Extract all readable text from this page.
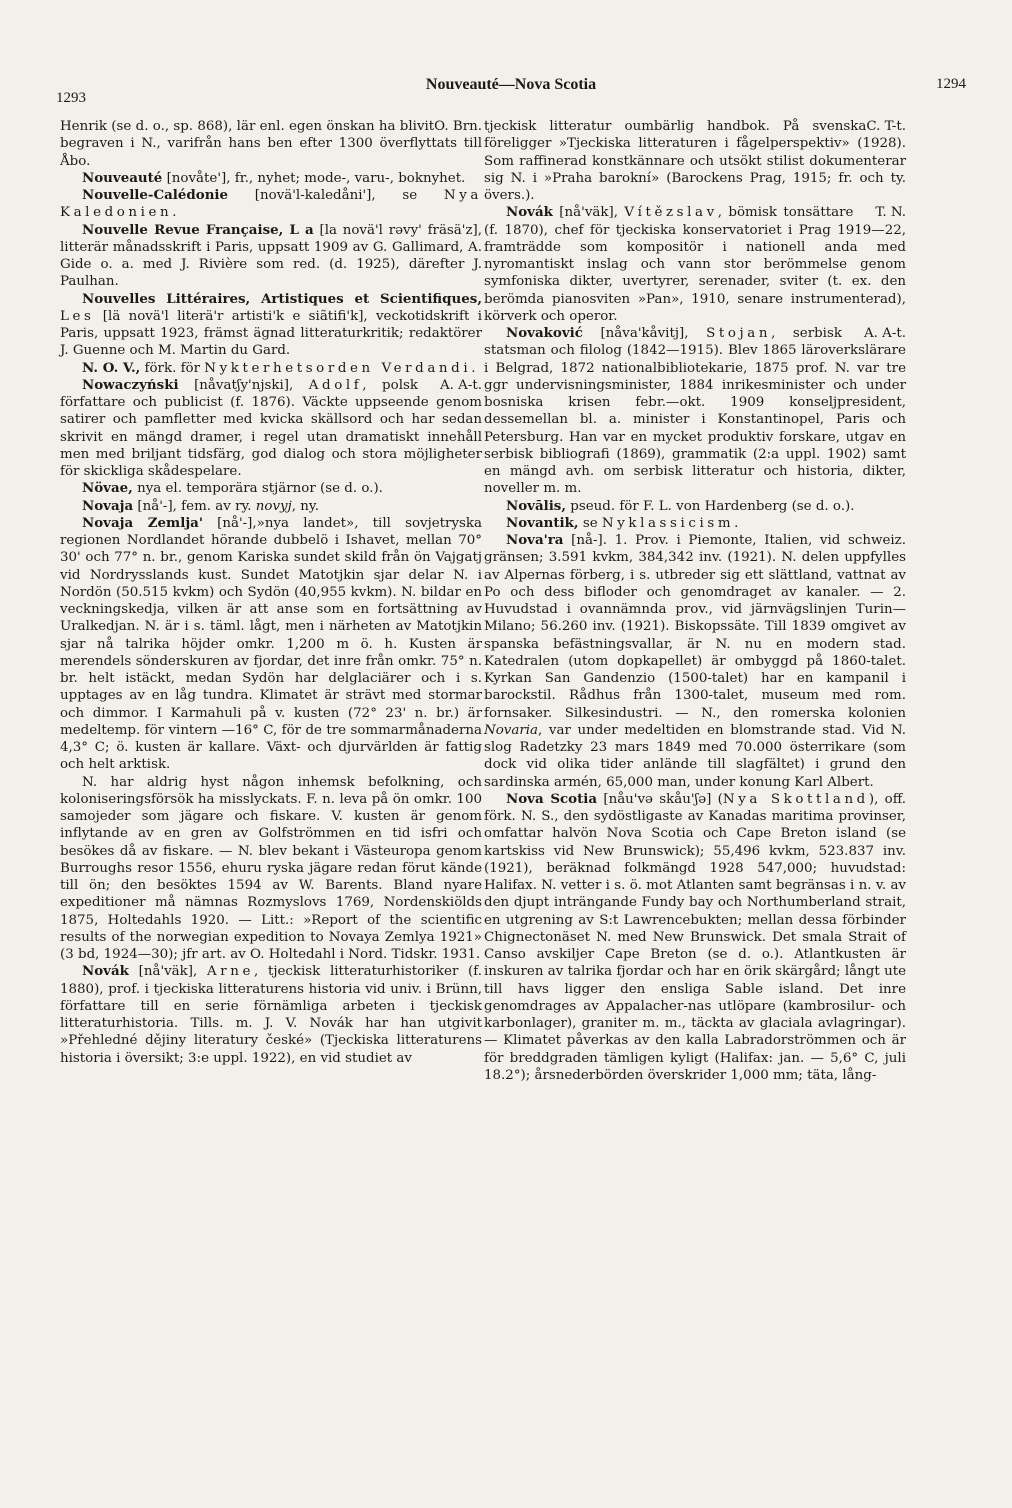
1293
Nouveauté—Nova Scotia	1294

O. Brn.
Henrik (se d. o., sp. 868), lär enl. egen önskan ha blivit begraven i N., varifrån hans ben efter 1300 överflyttats till Åbo.

Nouveauté [novåte'], fr., nyhet; mode-, varu-, boknyhet.

Nouvelle-Calédonie [novä'l-kaledåni'], se Nya Kaledonien.

Nouvelle Revue Française, L a [la novä'l rəvy' fräsä'z], litterär månadsskrift i Paris, uppsatt 1909 av G. Gallimard, A. Gide o. a. med J. Rivière som red. (d. 1925), därefter J. Paulhan.

Nouvelles Littéraires, Artistiques et Scientifiques, Les [lä novä'l literä'r artisti'k e siãtifi'k], veckotidskrift i Paris, uppsatt 1923, främst ägnad litteraturkritik; redaktörer J. Guenne och M. Martin du Gard.

N. O. V., förk. för Nykterhetsorden Verdandi.

A. A-t.
Nowaczyński [nåvatʃy'njski], Adolf, polsk författare och publicist (f. 1876). Väckte uppseende genom satirer och pamfletter med kvicka skällsord och har sedan skrivit en mängd dramer, i regel utan dramatiskt innehåll men med briljant tidsfärg, god dialog och stora möjligheter för skickliga skådespelare.

Növae, nya el. temporära stjärnor (se d. o.).

Novaja [nå'-], fem. av ry. novyj, ny.

Novaja Zemlja' [nå'-],»nya landet», till sovjetryska regionen Nordlandet hörande dubbelö i Ishavet, mellan 70° 30' och 77° n. br., genom Kariska sundet skild från ön Vajgatj vid Nordrysslands kust. Sundet Matotjkin sjar delar N. i Nordön (50.515 kvkm) och Sydön (40,955 kvkm). N. bildar en veckningskedja, vilken är att anse som en fortsättning av Uralkedjan. N. är i s. täml. lågt, men i närheten av Matotjkin sjar nå talrika höjder omkr. 1,200 m ö. h. Kusten är merendels sönderskuren av fjordar, det inre från omkr. 75° n. br. helt istäckt, medan Sydön har delglaciärer och i s. upptages av en låg tundra. Klimatet är strävt med stormar och dimmor. I Karmahuli på v. kusten (72° 23' n. br.) är medeltemp. för vintern —16° C, för de tre sommarmånaderna 4,3° C; ö. kusten är kallare. Växt- och djurvärlden är fattig och helt arktisk.

N. har aldrig hyst någon inhemsk befolkning, och koloniseringsförsök ha misslyckats. F. n. leva på ön omkr. 100 samojeder som jägare och fiskare. V. kusten är genom inflytande av en gren av Golfströmmen en tid isfri och besökes då av fiskare. — N. blev bekant i Västeuropa genom Burroughs resor 1556, ehuru ryska jägare redan förut kände till ön; den besöktes 1594 av W. Barents. Bland nyare expeditioner må nämnas Rozmyslovs 1769, Nordenskiölds 1875, Holtedahls 1920. — Litt.: »Report of the scientific results of the norwegian expedition to Novaya Zemlya 1921» (3 bd, 1924—30); jfr art. av O. Holtedahl i Nord. Tidskr. 1931.

Novák [nå'väk], Arne, tjeckisk litteraturhistoriker (f. 1880), prof. i tjeckiska litteraturens historia vid univ. i Brünn, författare till en serie förnämliga arbeten i tjeckisk litteraturhistoria. Tills. m. J. V. Novák har han utgivit »Přehledné dějiny literatury české» (Tjeckiska litteraturens historia i översikt; 3:e uppl. 1922), en vid studiet av

C. T-t.
tjeckisk litteratur oumbärlig handbok. På svenska föreligger »Tjeckiska litteraturen i fågelperspektiv» (1928). Som raffinerad konstkännare och utsökt stilist dokumenterar sig N. i »Praha barokní» (Barockens Prag, 1915; fr. och ty. övers.).

T. N.
Novák [nå'väk], Vítězslav, bömisk tonsättare (f. 1870), chef för tjeckiska konservatoriet i Prag 1919—22, framträdde som kompositör i nationell anda med nyromantiskt inslag och vann stor berömmelse genom symfoniska dikter, uvertyrer, serenader, sviter (t. ex. den berömda pianosviten »Pan», 1910, senare instrumenterad), körverk och operor.

A. A-t.
Novaković [nåva'kåvitj], Stojan, serbisk statsman och filolog (1842—1915). Blev 1865 läroverkslärare i Belgrad, 1872 nationalbibliotekarie, 1875 prof. N. var tre ggr undervisningsminister, 1884 inrikesminister och under bosniska krisen febr.—okt. 1909 konseljpresident, dessemellan bl. a. minister i Konstantinopel, Paris och Petersburg. Han var en mycket produktiv forskare, utgav en serbisk bibliografi (1869), grammatik (2:a uppl. 1902) samt en mängd avh. om serbisk litteratur och historia, dikter, noveller m. m.

Novālis, pseud. för F. L. von Hardenberg (se d. o.).

Novantik, se Nyklassicism.

Nova'ra [nå-]. 1. Prov. i Piemonte, Italien, vid schweiz. gränsen; 3.591 kvkm, 384,342 inv. (1921). N. delen uppfylles av Alpernas förberg, i s. utbreder sig ett slättland, vattnat av Po och dess bifloder och genomdraget av kanaler. — 2. Huvudstad i ovannämnda prov., vid järnvägslinjen Turin—Milano; 56.260 inv. (1921). Biskopssäte. Till 1839 omgivet av spanska befästningsvallar, är N. nu en modern stad. Katedralen (utom dopkapellet) är ombyggd på 1860-talet. Kyrkan San Gandenzio (1500-talet) har en kampanil i barockstil. Rådhus från 1300-talet, museum med rom. fornsaker. Silkesindustri. — N., den romerska kolonien Novaria, var under medeltiden en blomstrande stad. Vid N. slog Radetzky 23 mars 1849 med 70.000 österrikare (som dock vid olika tider anlände till slagfältet) i grund den sardinska armén, 65,000 man, under konung Karl Albert.

Nova Scotia [nåu'və skåu'ʃə] (Nya Skottland), off. förk. N. S., den sydöstligaste av Kanadas maritima provinser, omfattar halvön Nova Scotia och Cape Breton island (se kartskiss vid New Brunswick); 55,496 kvkm, 523.837 inv. (1921), beräknad folkmängd 1928 547,000; huvudstad: Halifax. N. vetter i s. ö. mot Atlanten samt begränsas i n. v. av den djupt inträngande Fundy bay och Northumberland strait, en utgrening av S:t Lawrencebukten; mellan dessa förbinder Chignectonäset N. med New Brunswick. Det smala Strait of Canso avskiljer Cape Breton (se d. o.). Atlantkusten är inskuren av talrika fjordar och har en örik skärgård; långt ute till havs ligger den ensliga Sable island. Det inre genomdrages av Appalacher-nas utlöpare (kambrosilur- och karbonlager), graniter m. m., täckta av glaciala avlagringar). — Klimatet påverkas av den kalla Labradorströmmen och är för breddgraden tämligen kyligt (Halifax: jan. — 5,6° C, juli 18.2°); årsnederbörden överskrider 1,000 mm; täta, lång-
